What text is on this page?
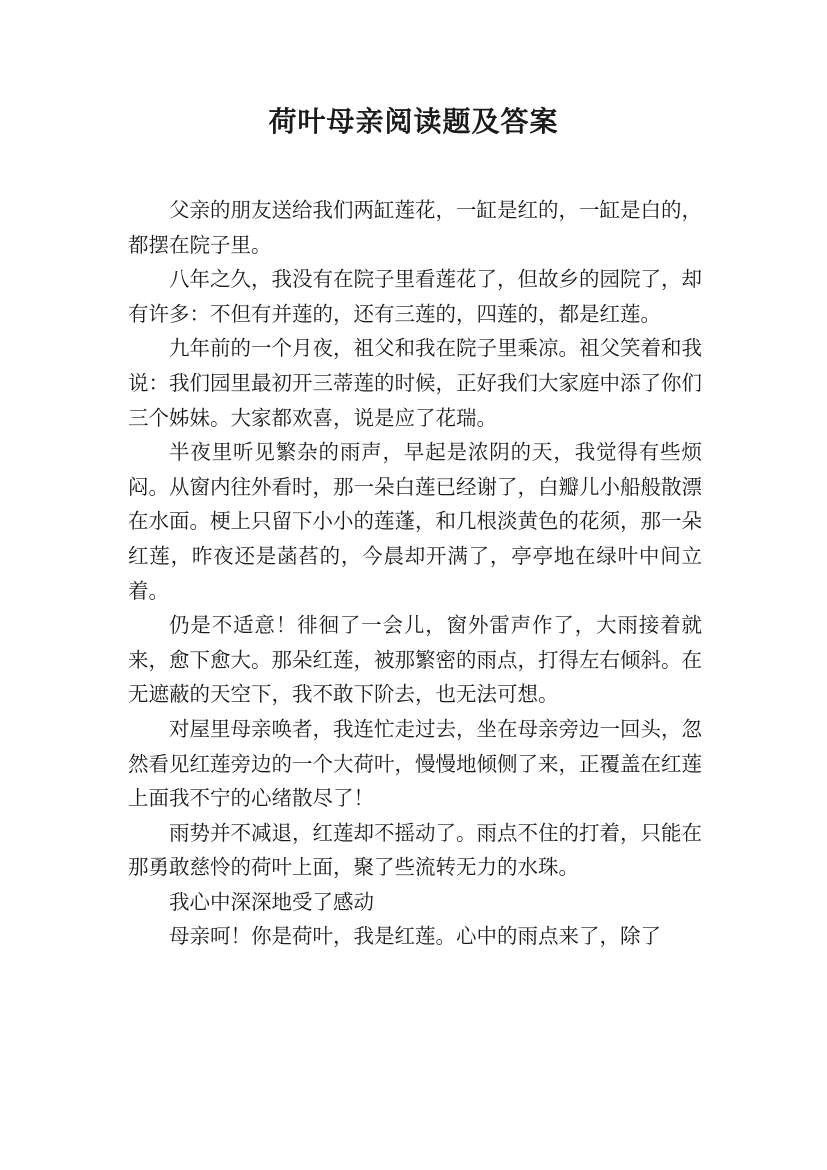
荷叶母亲阅读题及答案

父亲的朋友送给我们两缸莲花，一缸是红的，一缸是白的，都摆在院子里。

八年之久，我没有在院子里看莲花了，但故乡的园院了，却有许多：不但有并莲的，还有三莲的，四莲的，都是红莲。

九年前的一个月夜，祖父和我在院子里乘凉。祖父笑着和我说：我们园里最初开三蒂莲的时候，正好我们大家庭中添了你们三个姊妹。大家都欢喜，说是应了花瑞。

半夜里听见繁杂的雨声，早起是浓阴的天，我觉得有些烦闷。从窗内往外看时，那一朵白莲已经谢了，白瓣儿小船般散漂在水面。梗上只留下小小的莲蓬，和几根淡黄色的花须，那一朵红莲，昨夜还是菡萏的，今晨却开满了，亭亭地在绿叶中间立着。

仍是不适意！徘徊了一会儿，窗外雷声作了，大雨接着就来，愈下愈大。那朵红莲，被那繁密的雨点，打得左右倾斜。在无遮蔽的天空下，我不敢下阶去，也无法可想。

对屋里母亲唤者，我连忙走过去，坐在母亲旁边一回头，忽然看见红莲旁边的一个大荷叶，慢慢地倾侧了来，正覆盖在红莲上面我不宁的心绪散尽了！

雨势并不减退，红莲却不摇动了。雨点不住的打着，只能在那勇敢慈怜的荷叶上面，聚了些流转无力的水珠。

我心中深深地受了感动

母亲呵！你是荷叶，我是红莲。心中的雨点来了，除了
